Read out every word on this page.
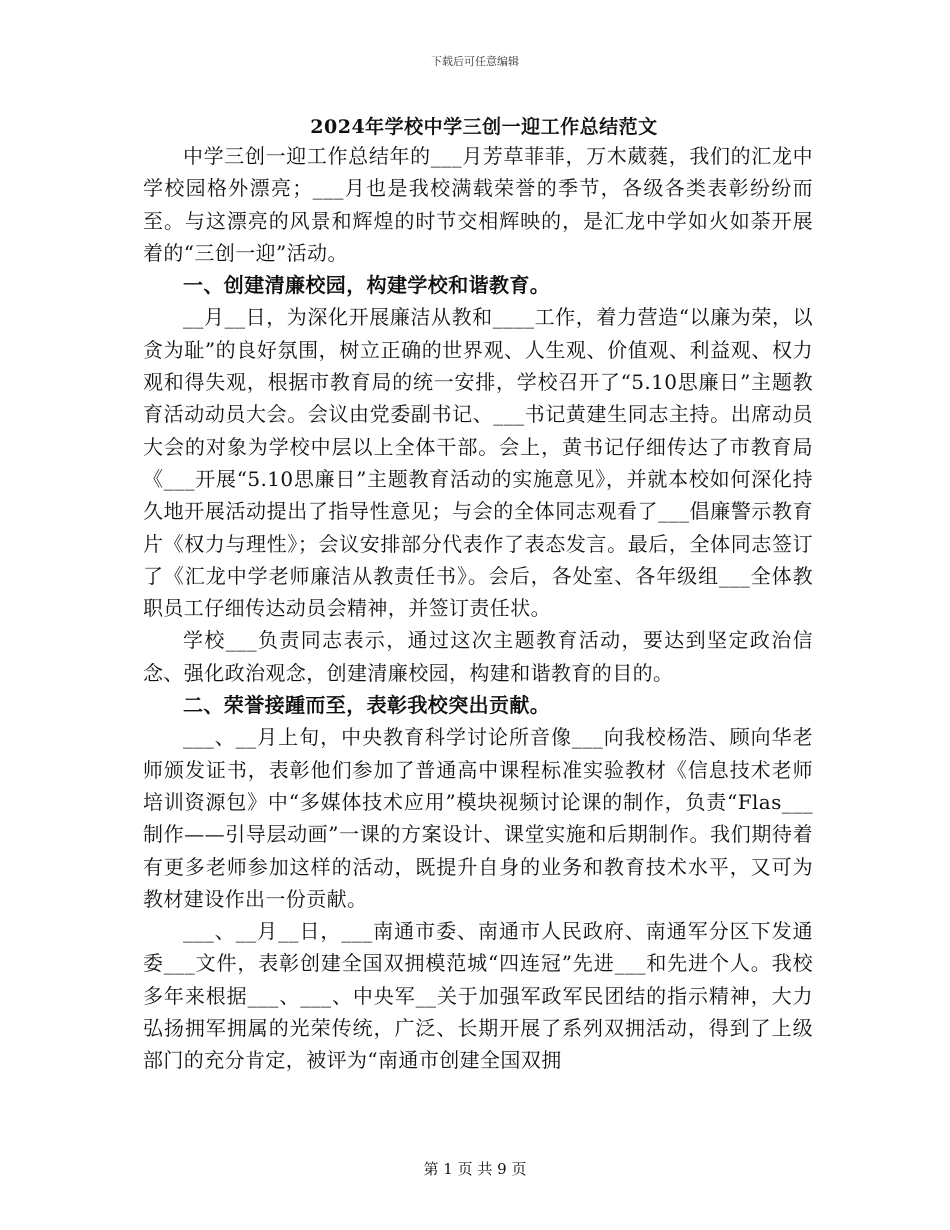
下载后可任意编辑
2024年学校中学三创一迎工作总结范文

中学三创一迎工作总结年的___月芳草菲菲，万木葳蕤，我们的汇龙中学校园格外漂亮；___月也是我校满载荣誉的季节，各级各类表彰纷纷而至。与这漂亮的风景和辉煌的时节交相辉映的，是汇龙中学如火如荼开展着的“三创一迎”活动。

一、创建清廉校园，构建学校和谐教育。

__月__日，为深化开展廉洁从教和____工作，着力营造“以廉为荣，以贪为耻”的良好氛围，树立正确的世界观、人生观、价值观、利益观、权力观和得失观，根据市教育局的统一安排，学校召开了“5.10思廉日”主题教育活动动员大会。会议由党委副书记、___书记黄建生同志主持。出席动员大会的对象为学校中层以上全体干部。会上，黄书记仔细传达了市教育局《___开展“5.10思廉日”主题教育活动的实施意见》，并就本校如何深化持久地开展活动提出了指导性意见；与会的全体同志观看了___倡廉警示教育片《权力与理性》；会议安排部分代表作了表态发言。最后，全体同志签订了《汇龙中学老师廉洁从教责任书》。会后，各处室、各年级组___全体教职员工仔细传达动员会精神，并签订责任状。

学校___负责同志表示，通过这次主题教育活动，要达到坚定政治信念、强化政治观念，创建清廉校园，构建和谐教育的目的。

二、荣誉接踵而至，表彰我校突出贡献。

___、__月上旬，中央教育科学讨论所音像___向我校杨浩、顾向华老师颁发证书，表彰他们参加了普通高中课程标准实验教材《信息技术老师培训资源包》中“多媒体技术应用”模块视频讨论课的制作，负责“Flas___制作——引导层动画”一课的方案设计、课堂实施和后期制作。我们期待着有更多老师参加这样的活动，既提升自身的业务和教育技术水平，又可为教材建设作出一份贡献。

___、__月__日，___南通市委、南通市人民政府、南通军分区下发通委___文件，表彰创建全国双拥模范城“四连冠”先进___和先进个人。我校多年来根据___、___、中央军__关于加强军政军民团结的指示精神，大力弘扬拥军拥属的光荣传统，广泛、长期开展了系列双拥活动，得到了上级部门的充分肯定，被评为“南通市创建全国双拥

第 1 页 共 9 页
